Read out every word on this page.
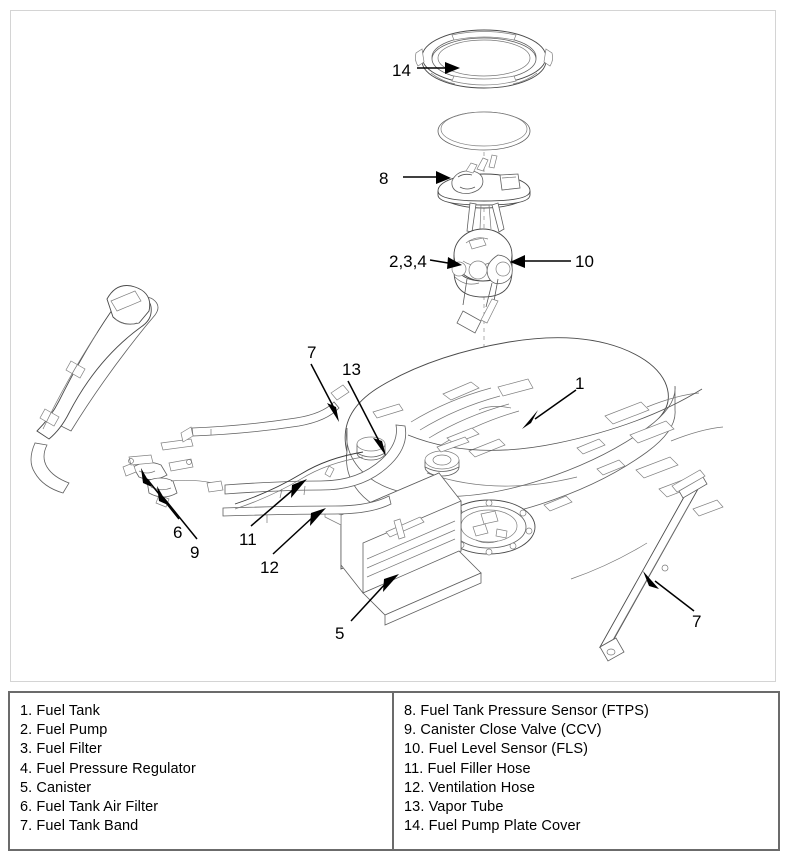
14
8
2,3,4	10
1
7
13
6
9
11
12
5
7
1. Fuel Tank
2. Fuel Pump
3. Fuel Filter
4. Fuel Pressure Regulator
5. Canister
6. Fuel Tank Air Filter
7. Fuel Tank Band
8. Fuel Tank Pressure Sensor (FTPS)
9. Canister Close Valve (CCV)
10. Fuel Level Sensor (FLS)
11. Fuel Filler Hose
12. Ventilation Hose
13. Vapor Tube
14. Fuel Pump Plate Cover
